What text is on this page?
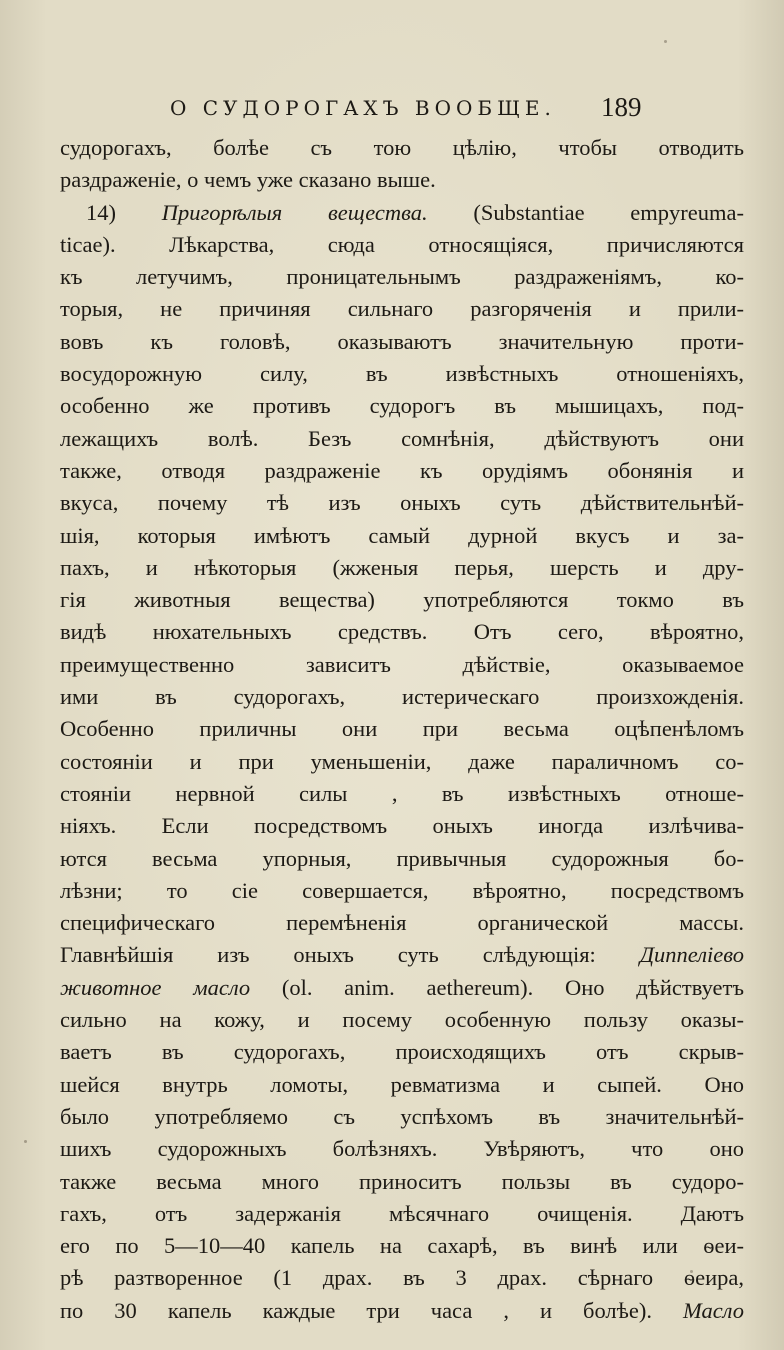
О СУДОРОГАХЪ ВООБЩЕ. 189
судорогахъ, болѣе съ тою цѣлію, чтобы отводить
раздраженіе, о чемъ уже сказано выше.
14) Пригорѣлыя вещества. (Substantiae empyreuma-
ticae). Лѣкарства, сюда относящіяся, причисляются
къ летучимъ, проницательнымъ раздраженіямъ, ко-
торыя, не причиняя сильнаго разгоряченія и прили-
вовъ къ головѣ, оказываютъ значительную проти-
восудорожную силу, въ извѣстныхъ отношеніяхъ,
особенно же противъ судорогъ въ мышицахъ, под-
лежащихъ волѣ. Безъ сомнѣнія, дѣйствуютъ они
также, отводя раздраженіе къ орудіямъ обонянія и
вкуса, почему тѣ изъ оныхъ суть дѣйствительнѣй-
шія, которыя имѣютъ самый дурной вкусъ и за-
пахъ, и нѣкоторыя (жженыя перья, шерсть и дру-
гія животныя вещества) употребляются токмо въ
видѣ нюхательныхъ средствъ. Отъ сего, вѣроятно,
преимущественно зависитъ дѣйствіе, оказываемое
ими въ судорогахъ, истерическаго произхожденія.
Особенно приличны они при весьма оцѣпенѣломъ
состояніи и при уменьшеніи, даже параличномъ со-
стояніи нервной силы , въ извѣстныхъ отноше-
ніяхъ. Если посредствомъ оныхъ иногда излѣчива-
ются весьма упорныя, привычныя судорожныя бо-
лѣзни; то сіе совершается, вѣроятно, посредствомъ
специфическаго перемѣненія органической массы.
Главнѣйшія изъ оныхъ суть слѣдующія: Диппеліево
животное масло (ol. anim. aethereum). Оно дѣйствуетъ
сильно на кожу, и посему особенную пользу оказы-
ваетъ въ судорогахъ, происходящихъ отъ скрыв-
шейся внутрь ломоты, ревматизма и сыпей. Оно
было употребляемо съ успѣхомъ въ значительнѣй-
шихъ судорожныхъ болѣзняхъ. Увѣряютъ, что оно
также весьма много приноситъ пользы въ судоро-
гахъ, отъ задержанія мѣсячнаго очищенія. Даютъ
его по 5—10—40 капель на сахарѣ, въ винѣ или ѳеи-
рѣ разтворенное (1 драх. въ 3 драх. сѣрнаго ѳеира,
по 30 капель каждые три часа , и болѣе). Масло
